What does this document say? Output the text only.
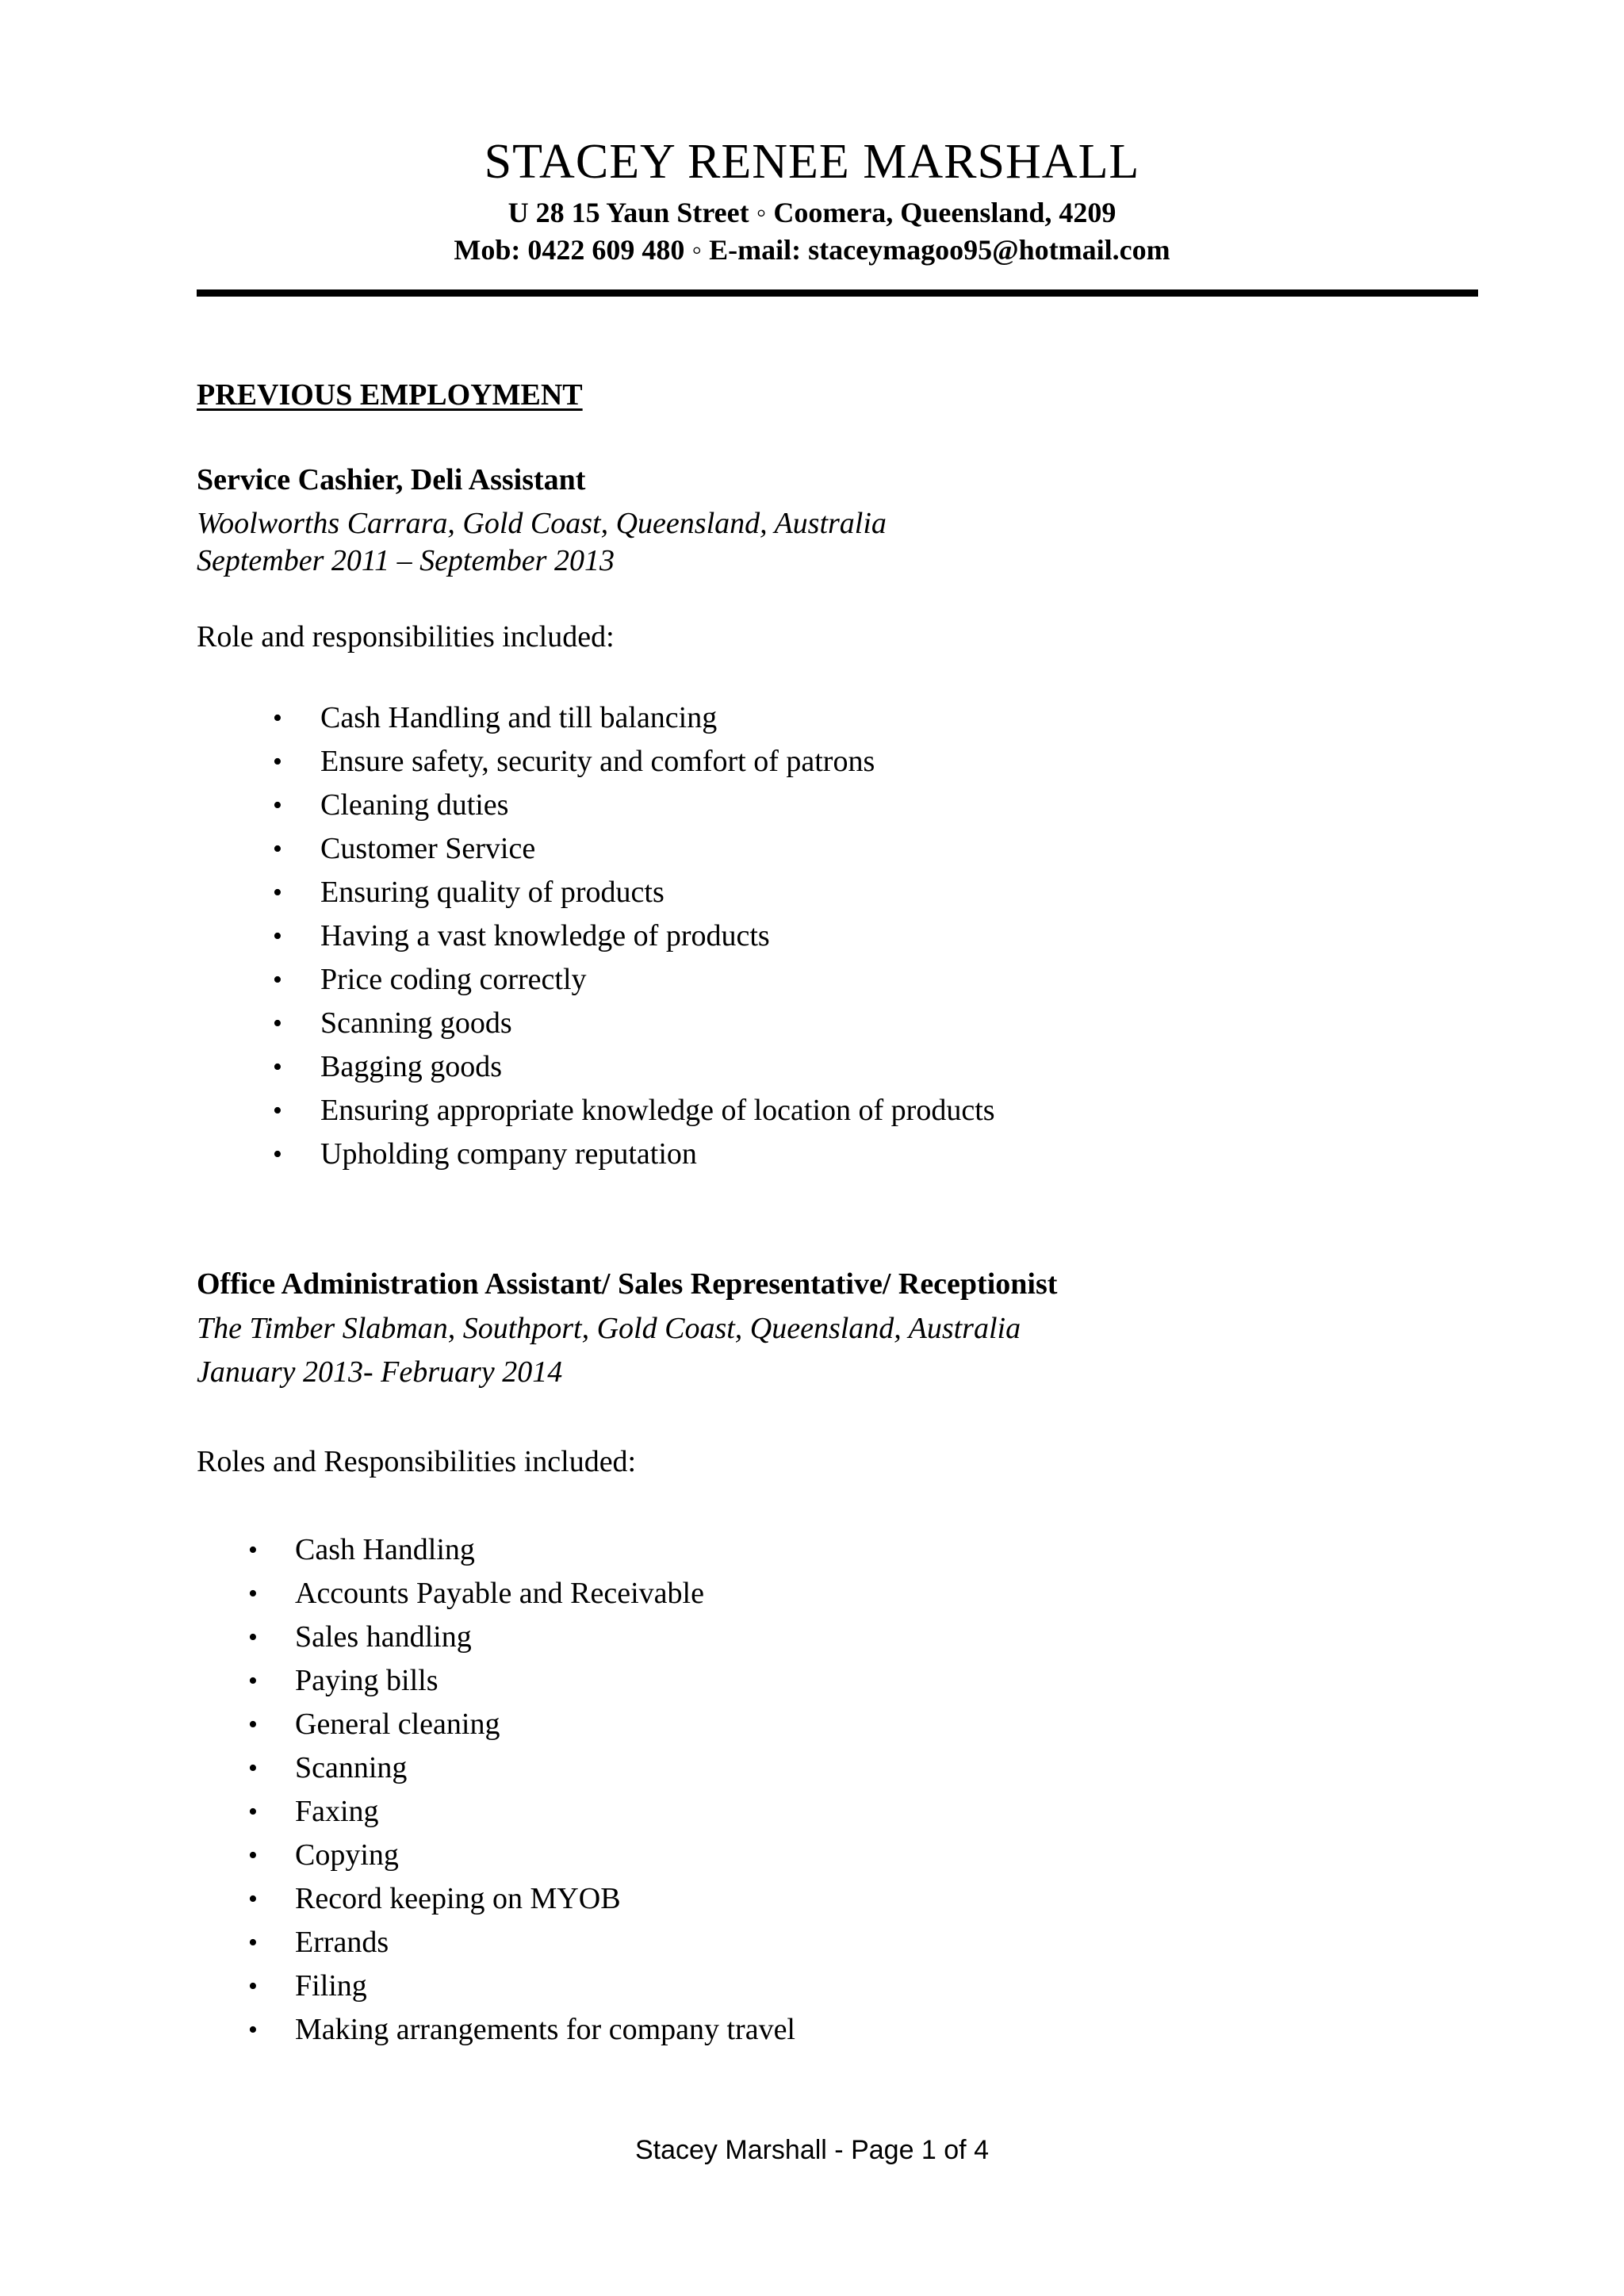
STACEY RENEE MARSHALL
U 28 15 Yaun Street ◦ Coomera, Queensland, 4209
Mob: 0422 609 480 ◦ E-mail: staceymagoo95@hotmail.com
PREVIOUS EMPLOYMENT
Service Cashier, Deli Assistant
Woolworths Carrara, Gold Coast, Queensland, Australia
September 2011 – September 2013
Role and responsibilities included:
• Cash Handling and till balancing
• Ensure safety, security and comfort of patrons
• Cleaning duties
• Customer Service
• Ensuring quality of products
• Having a vast knowledge of products
• Price coding correctly
• Scanning goods
• Bagging goods
• Ensuring appropriate knowledge of location of products
• Upholding company reputation
Office Administration Assistant/ Sales Representative/ Receptionist
The Timber Slabman, Southport, Gold Coast, Queensland, Australia
January 2013- February 2014
Roles and Responsibilities included:
• Cash Handling
• Accounts Payable and Receivable
• Sales handling
• Paying bills
• General cleaning
• Scanning
• Faxing
• Copying
• Record keeping on MYOB
• Errands
• Filing
• Making arrangements for company travel
Stacey Marshall - Page 1 of 4
